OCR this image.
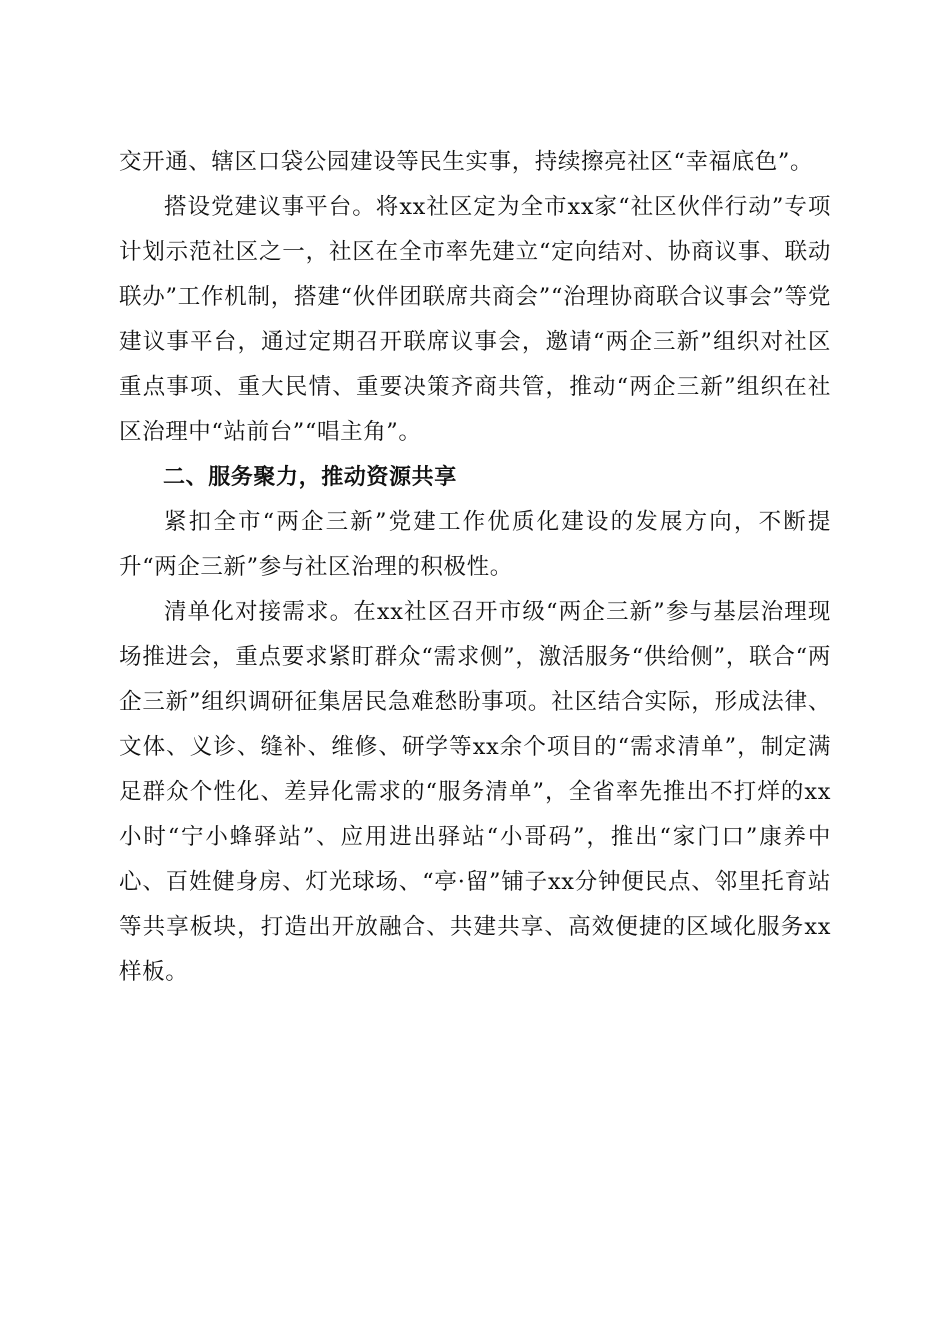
交开通、辖区口袋公园建设等民生实事，持续擦亮社区“幸福底色”。

搭设党建议事平台。将xx社区定为全市xx家“社区伙伴行动”专项计划示范社区之一，社区在全市率先建立“定向结对、协商议事、联动联办”工作机制，搭建“伙伴团联席共商会”“治理协商联合议事会”等党建议事平台，通过定期召开联席议事会，邀请“两企三新”组织对社区重点事项、重大民情、重要决策齐商共管，推动“两企三新”组织在社区治理中“站前台”“唱主角”。

二、服务聚力，推动资源共享

紧扣全市“两企三新”党建工作优质化建设的发展方向，不断提升“两企三新”参与社区治理的积极性。

清单化对接需求。在xx社区召开市级“两企三新”参与基层治理现场推进会，重点要求紧盯群众“需求侧”，激活服务“供给侧”，联合“两企三新”组织调研征集居民急难愁盼事项。社区结合实际，形成法律、文体、义诊、缝补、维修、研学等xx余个项目的“需求清单”，制定满足群众个性化、差异化需求的“服务清单”，全省率先推出不打烊的xx小时“宁小蜂驿站”、应用进出驿站“小哥码”，推出“家门口”康养中心、百姓健身房、灯光球场、“亭·留”铺子xx分钟便民点、邻里托育站等共享板块，打造出开放融合、共建共享、高效便捷的区域化服务xx样板。
